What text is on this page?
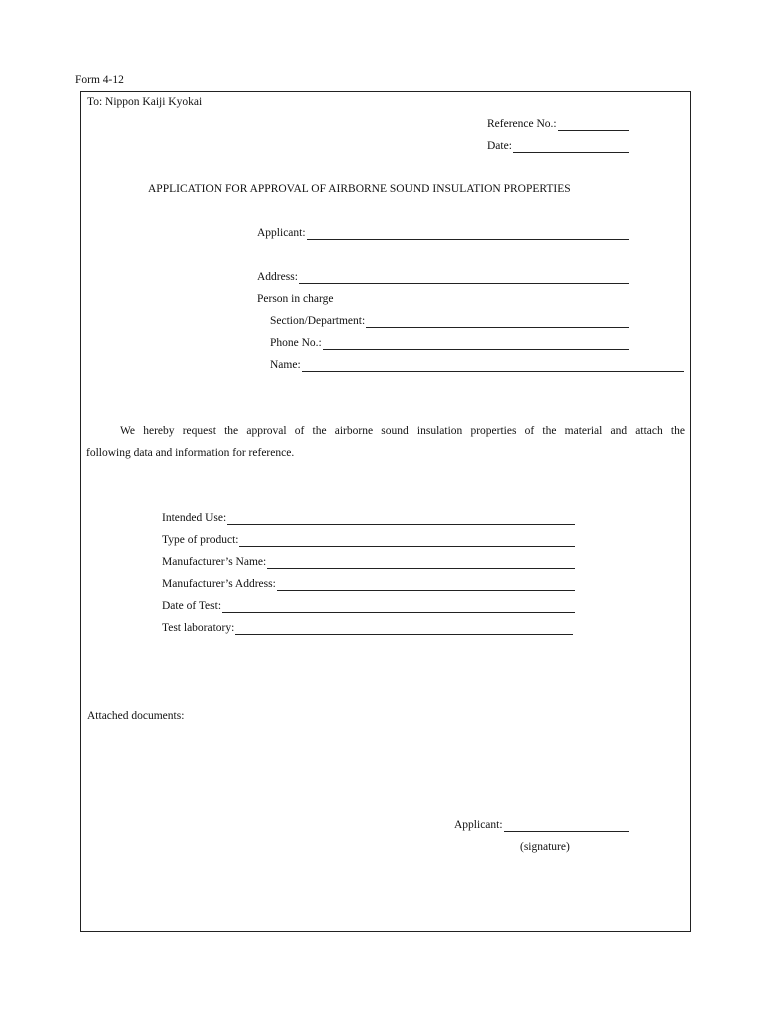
Form 4-12
To: Nippon Kaiji Kyokai
Reference No.:
Date:
APPLICATION FOR APPROVAL OF AIRBORNE SOUND INSULATION PROPERTIES
Applicant:
Address:
Person in charge
Section/Department:
Phone No.:
Name:
We hereby request the approval of the airborne sound insulation properties of the material and attach the
following data and information for reference.
Intended Use:
Type of product:
Manufacturer’s Name:
Manufacturer’s Address:
Date of Test:
Test laboratory:
Attached documents:
Applicant:
(signature)
